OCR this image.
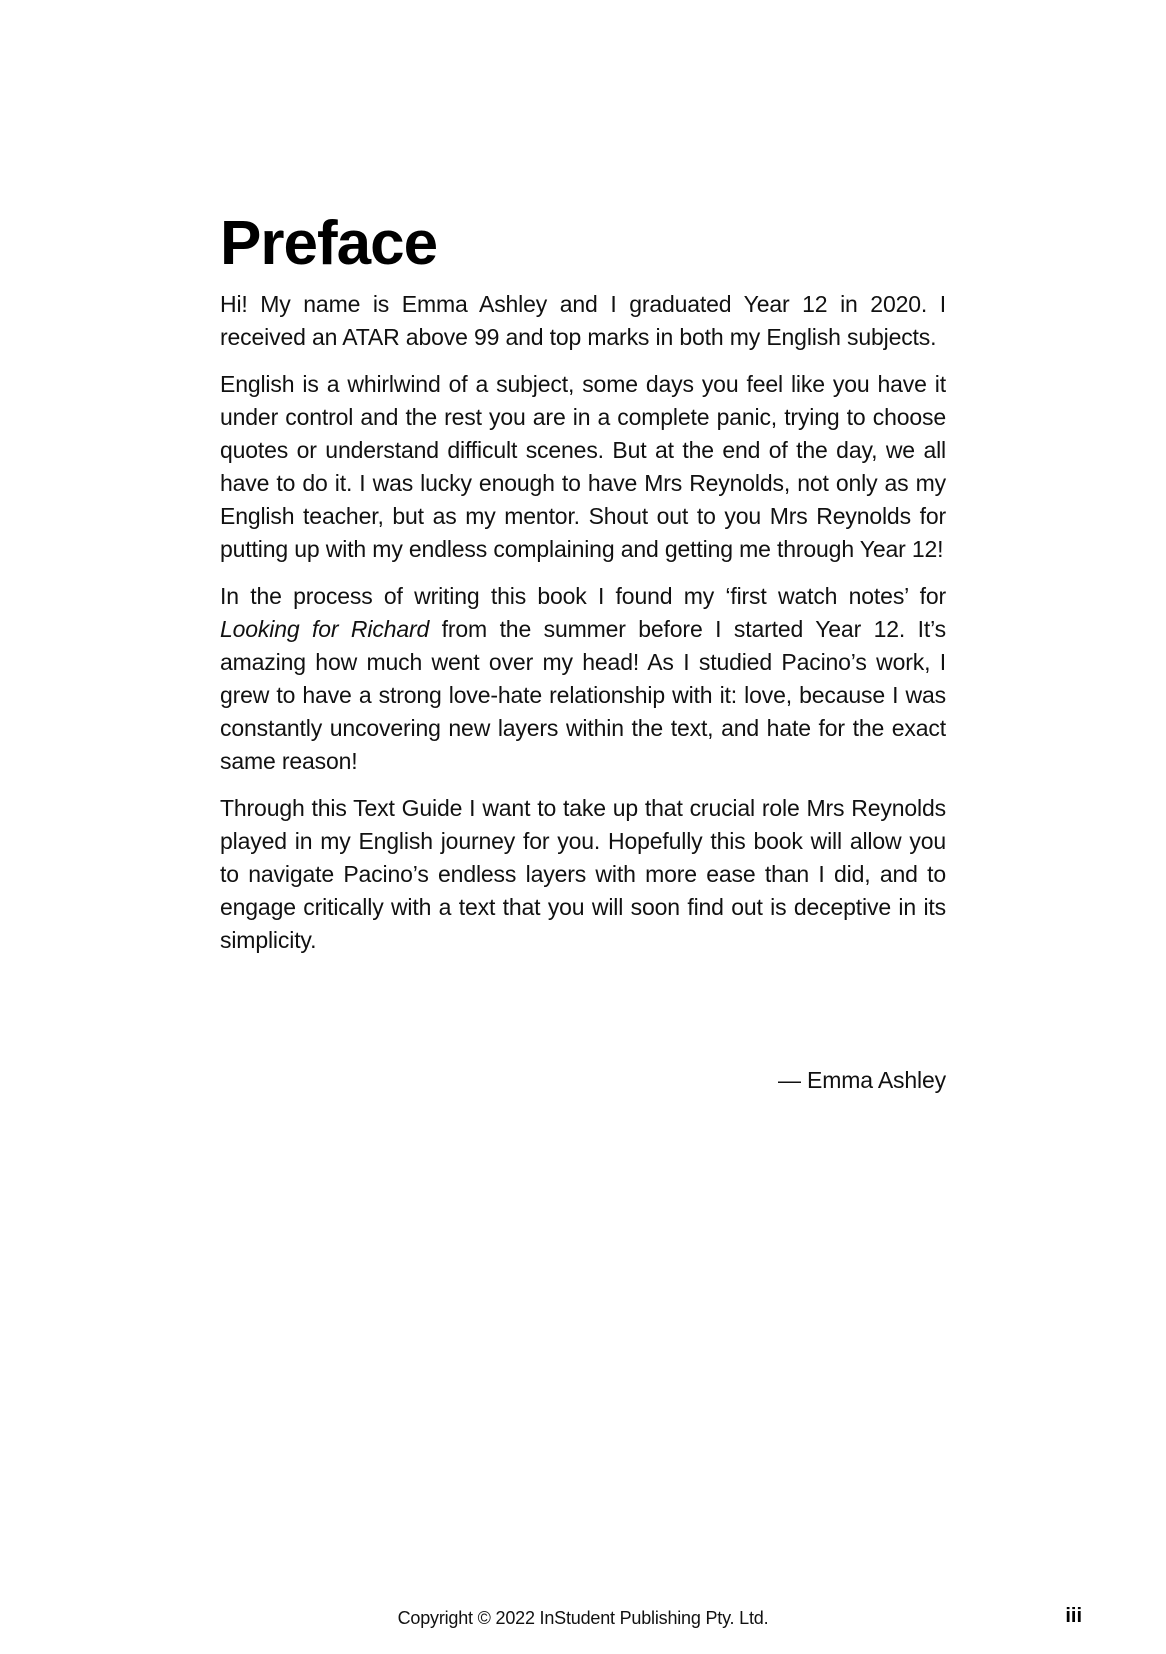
Preface

Hi! My name is Emma Ashley and I graduated Year 12 in 2020. I received an ATAR above 99 and top marks in both my English subjects.

English is a whirlwind of a subject, some days you feel like you have it under control and the rest you are in a complete panic, trying to choose quotes or understand difficult scenes. But at the end of the day, we all have to do it. I was lucky enough to have Mrs Reynolds, not only as my English teacher, but as my mentor. Shout out to you Mrs Reynolds for putting up with my endless complaining and getting me through Year 12!

In the process of writing this book I found my ‘first watch notes’ for Looking for Richard from the summer before I started Year 12. It’s amazing how much went over my head! As I studied Pacino’s work, I grew to have a strong love-hate relationship with it: love, because I was constantly uncovering new layers within the text, and hate for the exact same reason!

Through this Text Guide I want to take up that crucial role Mrs Reynolds played in my English journey for you. Hopefully this book will allow you to navigate Pacino’s endless layers with more ease than I did, and to engage critically with a text that you will soon find out is deceptive in its simplicity.

— Emma Ashley
Copyright © 2022 InStudent Publishing Pty. Ltd.	iii
